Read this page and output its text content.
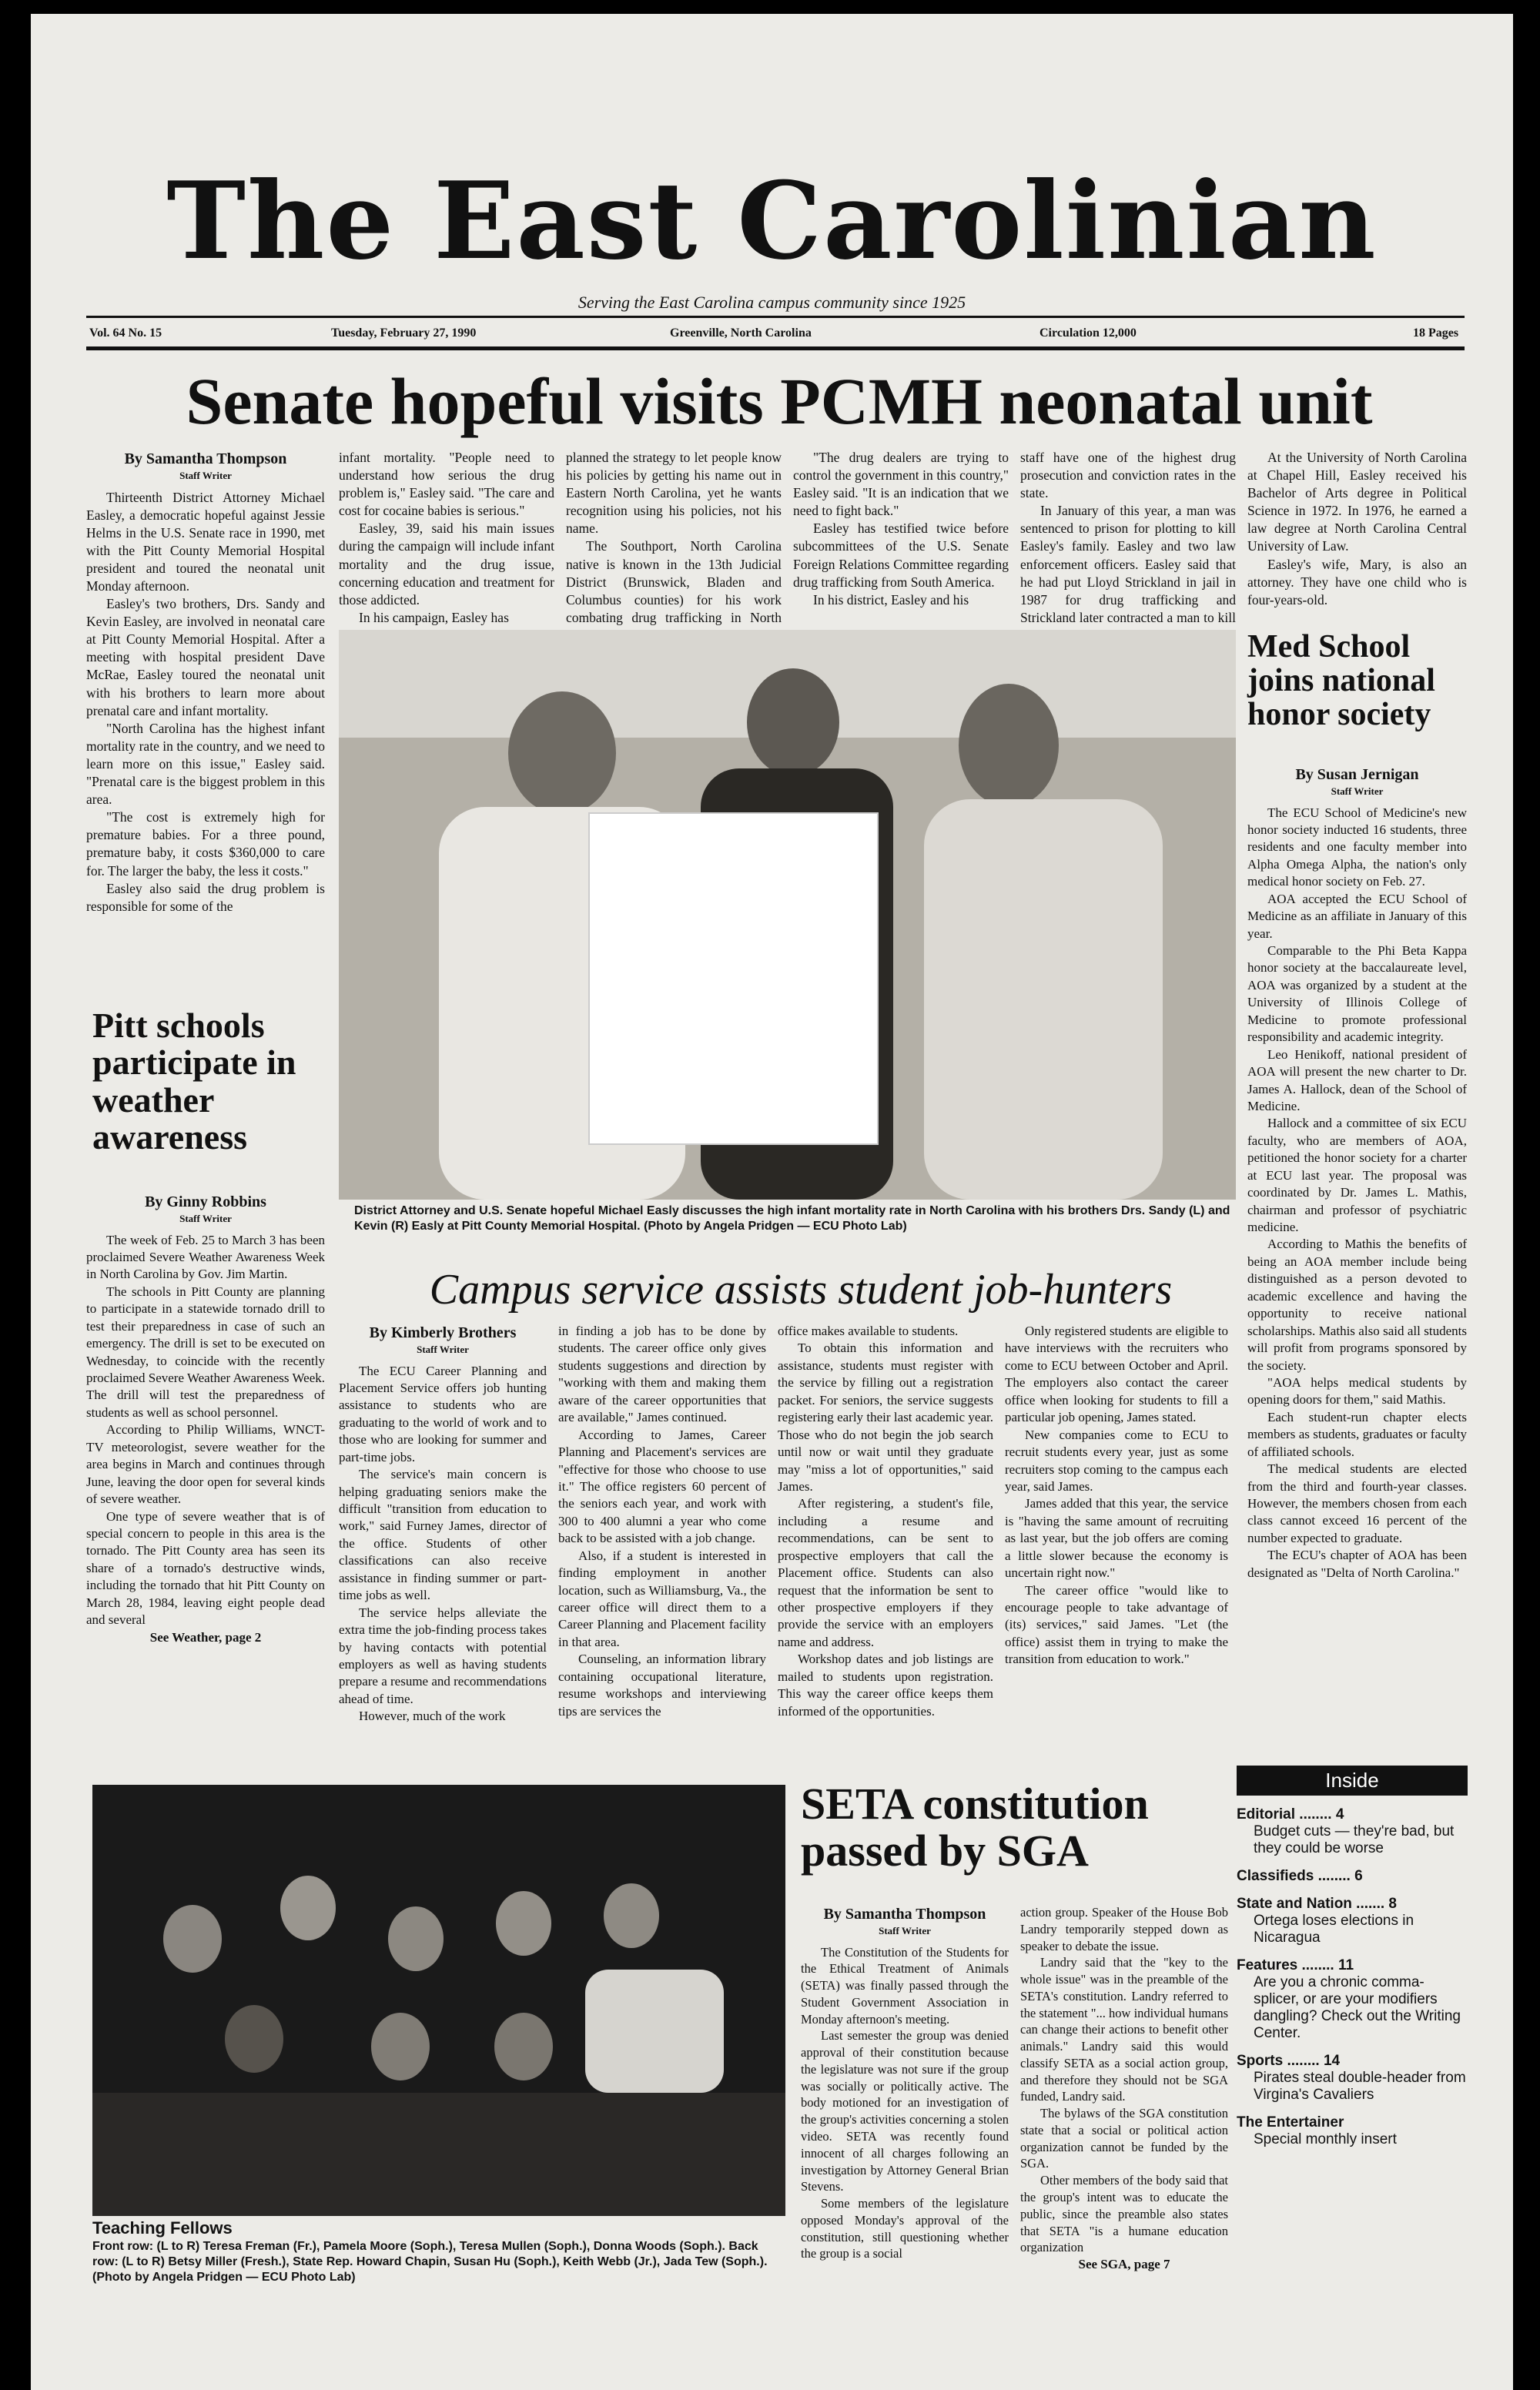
The East Carolinian
Serving the East Carolina campus community since 1925
Vol. 64 No. 15	Tuesday, February 27, 1990	Greenville, North Carolina	Circulation 12,000	18 Pages
Senate hopeful visits PCMH neonatal unit
By Samantha Thompson
Staff Writer

Thirteenth District Attorney Michael Easley, a democratic hopeful against Jessie Helms in the U.S. Senate race in 1990, met with the Pitt County Memorial Hospital president and toured the neonatal unit Monday afternoon.

Easley's two brothers, Drs. Sandy and Kevin Easley, are involved in neonatal care at Pitt County Memorial Hospital. After a meeting with hospital president Dave McRae, Easley toured the neonatal unit with his brothers to learn more about prenatal care and infant mortality.

"North Carolina has the highest infant mortality rate in the country, and we need to learn more on this issue," Easley said. "Prenatal care is the biggest problem in this area.

"The cost is extremely high for premature babies. For a three pound, premature baby, it costs $360,000 to care for. The larger the baby, the less it costs."

Easley also said the drug problem is responsible for some of the

infant mortality. "People need to understand how serious the drug problem is," Easley said. "The care and cost for cocaine babies is serious."

Easley, 39, said his main issues during the campaign will include infant mortality and the drug issue, concerning education and treatment for those addicted.

In his campaign, Easley has

planned the strategy to let people know his policies by getting his name out in Eastern North Carolina, yet he wants recognition using his policies, not his name.

The Southport, North Carolina native is known in the 13th Judicial District (Brunswick, Bladen and Columbus counties) for his work combating drug trafficking in North

"The drug dealers are trying to control the government in this country," Easley said. "It is an indication that we need to fight back."

Easley has testified twice before subcommittees of the U.S. Senate Foreign Relations Committee regarding drug trafficking from South America.

In his district, Easley and his

staff have one of the highest drug prosecution and conviction rates in the state.

In January of this year, a man was sentenced to prison for plotting to kill Easley's family. Easley and two law enforcement officers. Easley said that he had put Lloyd Strickland in jail in 1987 for drug trafficking and Strickland later contracted a man to kill

At the University of North Carolina at Chapel Hill, Easley received his Bachelor of Arts degree in Political Science in 1972. In 1976, he earned a law degree at North Carolina Central University of Law.

Easley's wife, Mary, is also an attorney. They have one child who is four-years-old.

District Attorney and U.S. Senate hopeful Michael Easly discusses the high infant mortality rate in North Carolina with his brothers Drs. Sandy (L) and Kevin (R) Easly at Pitt County Memorial Hospital. (Photo by Angela Pridgen — ECU Photo Lab)
Med School joins national honor society
By Susan Jernigan
Staff Writer

The ECU School of Medicine's new honor society inducted 16 students, three residents and one faculty member into Alpha Omega Alpha, the nation's only medical honor society on Feb. 27.

AOA accepted the ECU School of Medicine as an affiliate in January of this year.

Comparable to the Phi Beta Kappa honor society at the baccalaureate level, AOA was organized by a student at the University of Illinois College of Medicine to promote professional responsibility and academic integrity.

Leo Henikoff, national president of AOA will present the new charter to Dr. James A. Hallock, dean of the School of Medicine.

Hallock and a committee of six ECU faculty, who are members of AOA, petitioned the honor society for a charter at ECU last year. The proposal was coordinated by Dr. James L. Mathis, chairman and professor of psychiatric medicine.

According to Mathis the benefits of being an AOA member include being distinguished as a person devoted to academic excellence and having the opportunity to receive national scholarships. Mathis also said all students will profit from programs sponsored by the society.

"AOA helps medical students by opening doors for them," said Mathis.

Each student-run chapter elects members as students, graduates or faculty of affiliated schools.

The medical students are elected from the third and fourth-year classes. However, the members chosen from each class cannot exceed 16 percent of the number expected to graduate.

The ECU's chapter of AOA has been designated as "Delta of North Carolina."

Pitt schools participate in weather awareness
By Ginny Robbins
Staff Writer

The week of Feb. 25 to March 3 has been proclaimed Severe Weather Awareness Week in North Carolina by Gov. Jim Martin.

The schools in Pitt County are planning to participate in a statewide tornado drill to test their preparedness in case of such an emergency. The drill is set to be executed on Wednesday, to coincide with the recently proclaimed Severe Weather Awareness Week. The drill will test the preparedness of students as well as school personnel.

According to Philip Williams, WNCT-TV meteorologist, severe weather for the area begins in March and continues through June, leaving the door open for several kinds of severe weather.

One type of severe weather that is of special concern to people in this area is the tornado. The Pitt County area has seen its share of a tornado's destructive winds, including the tornado that hit Pitt County on March 28, 1984, leaving eight people dead and several

See Weather, page 2
Campus service assists student job-hunters
By Kimberly Brothers
Staff Writer

The ECU Career Planning and Placement Service offers job hunting assistance to students who are graduating to the world of work and to those who are looking for summer and part-time jobs.

The service's main concern is helping graduating seniors make the difficult "transition from education to work," said Furney James, director of the office. Students of other classifications can also receive assistance in finding summer or part-time jobs as well.

The service helps alleviate the extra time the job-finding process takes by having contacts with potential employers as well as having students prepare a resume and recommendations ahead of time.

However, much of the work

in finding a job has to be done by students. The career office only gives students suggestions and direction by "working with them and making them aware of the career opportunities that are available," James continued.

According to James, Career Planning and Placement's services are "effective for those who choose to use it." The office registers 60 percent of the seniors each year, and work with 300 to 400 alumni a year who come back to be assisted with a job change.

Also, if a student is interested in finding employment in another location, such as Williamsburg, Va., the career office will direct them to a Career Planning and Placement facility in that area.

Counseling, an information library containing occupational literature, resume workshops and interviewing tips are services the

office makes available to students.

To obtain this information and assistance, students must register with the service by filling out a registration packet. For seniors, the service suggests registering early their last academic year. Those who do not begin the job search until now or wait until they graduate may "miss a lot of opportunities," said James.

After registering, a student's file, including a resume and recommendations, can be sent to prospective employers that call the Placement office. Students can also request that the information be sent to other prospective employers if they provide the service with an employers name and address.

Workshop dates and job listings are mailed to students upon registration. This way the career office keeps them informed of the opportunities.

Only registered students are eligible to have interviews with the recruiters who come to ECU between October and April. The employers also contact the career office when looking for students to fill a particular job opening, James stated.

New companies come to ECU to recruit students every year, just as some recruiters stop coming to the campus each year, said James.

James added that this year, the service is "having the same amount of recruiting as last year, but the job offers are coming a little slower because the economy is uncertain right now."

The career office "would like to encourage people to take advantage of (its) services," said James. "Let (the office) assist them in trying to make the transition from education to work."

Teaching Fellows
Front row: (L to R) Teresa Freman (Fr.), Pamela Moore (Soph.), Teresa Mullen (Soph.), Donna Woods (Soph.). Back row: (L to R) Betsy Miller (Fresh.), State Rep. Howard Chapin, Susan Hu (Soph.), Keith Webb (Jr.), Jada Tew (Soph.). (Photo by Angela Pridgen — ECU Photo Lab)
SETA constitution passed by SGA
By Samantha Thompson
Staff Writer

The Constitution of the Students for the Ethical Treatment of Animals (SETA) was finally passed through the Student Government Association in Monday afternoon's meeting.

Last semester the group was denied approval of their constitution because the legislature was not sure if the group was socially or politically active. The body motioned for an investigation of the group's activities concerning a stolen video. SETA was recently found innocent of all charges following an investigation by Attorney General Brian Stevens.

Some members of the legislature opposed Monday's approval of the constitution, still questioning whether the group is a social

action group. Speaker of the House Bob Landry temporarily stepped down as speaker to debate the issue.

Landry said that the "key to the whole issue" was in the preamble of the SETA's constitution. Landry referred to the statement "... how individual humans can change their actions to benefit other animals." Landry said this would classify SETA as a social action group, and therefore they should not be SGA funded, Landry said.

The bylaws of the SGA constitution state that a social or political action organization cannot be funded by the SGA.

Other members of the body said that the group's intent was to educate the public, since the preamble also states that SETA "is a humane education organization

See SGA, page 7
Inside
Editorial ........ 4
Budget cuts — they're bad, but they could be worse
Classifieds ........ 6
State and Nation ....... 8
Ortega loses elections in Nicaragua
Features ........ 11
Are you a chronic comma-splicer, or are your modifiers dangling? Check out the Writing Center.
Sports ........ 14
Pirates steal double-header from Virgina's Cavaliers
The Entertainer
Special monthly insert
